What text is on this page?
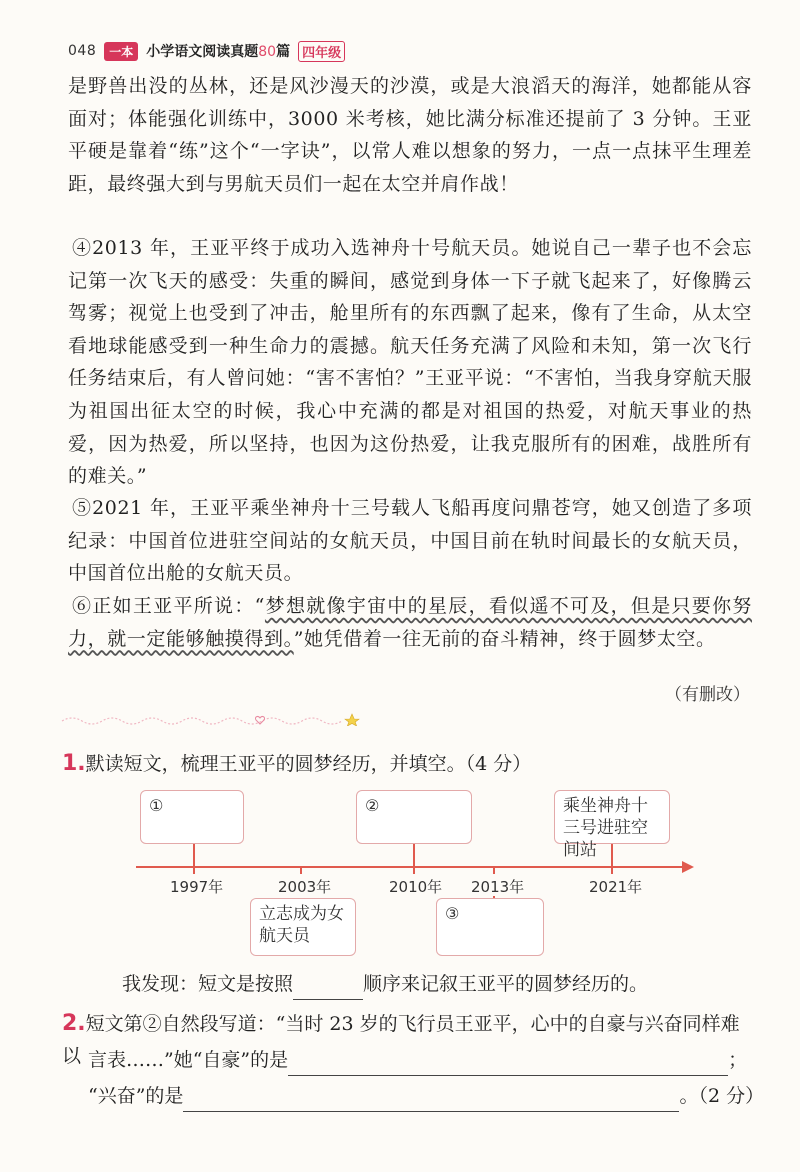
048	一本 小学语文阅读真题80篇 四年级

是野兽出没的丛林，还是风沙漫天的沙漠，或是大浪滔天的海洋，她都能从容面对；体能强化训练中，3000 米考核，她比满分标准还提前了 3 分钟。王亚平硬是靠着“练”这个“一字诀”，以常人难以想象的努力，一点一点抹平生理差距，最终强大到与男航天员们一起在太空并肩作战！

④2013 年，王亚平终于成功入选神舟十号航天员。她说自己一辈子也不会忘记第一次飞天的感受：失重的瞬间，感觉到身体一下子就飞起来了，好像腾云驾雾；视觉上也受到了冲击，舱里所有的东西飘了起来，像有了生命，从太空看地球能感受到一种生命力的震撼。航天任务充满了风险和未知，第一次飞行任务结束后，有人曾问她：“害不害怕？”王亚平说：“不害怕，当我身穿航天服为祖国出征太空的时候，我心中充满的都是对祖国的热爱，对航天事业的热爱，因为热爱，所以坚持，也因为这份热爱，让我克服所有的困难，战胜所有的难关。”

⑤2021 年，王亚平乘坐神舟十三号载人飞船再度问鼎苍穹，她又创造了多项纪录：中国首位进驻空间站的女航天员，中国目前在轨时间最长的女航天员，中国首位出舱的女航天员。

⑥正如王亚平所说：“梦想就像宇宙中的星辰，看似遥不可及，但是只要你努力，就一定能够触摸得到。”她凭借着一往无前的奋斗精神，终于圆梦太空。

（有删改）
1.默读短文，梳理王亚平的圆梦经历，并填空。（4 分）
①	②	乘坐神舟十三号进驻空间站
1997年	2003年	2010年 2013年	2021年
立志成为女航天员
③
我发现：短文是按照	顺序来记叙王亚平的圆梦经历的。
2.短文第②自然段写道：“当时 23 岁的飞行员王亚平，心中的自豪与兴奋同样难以 言表……”她“自豪”的是	；
“兴奋”的是	。（2 分）
